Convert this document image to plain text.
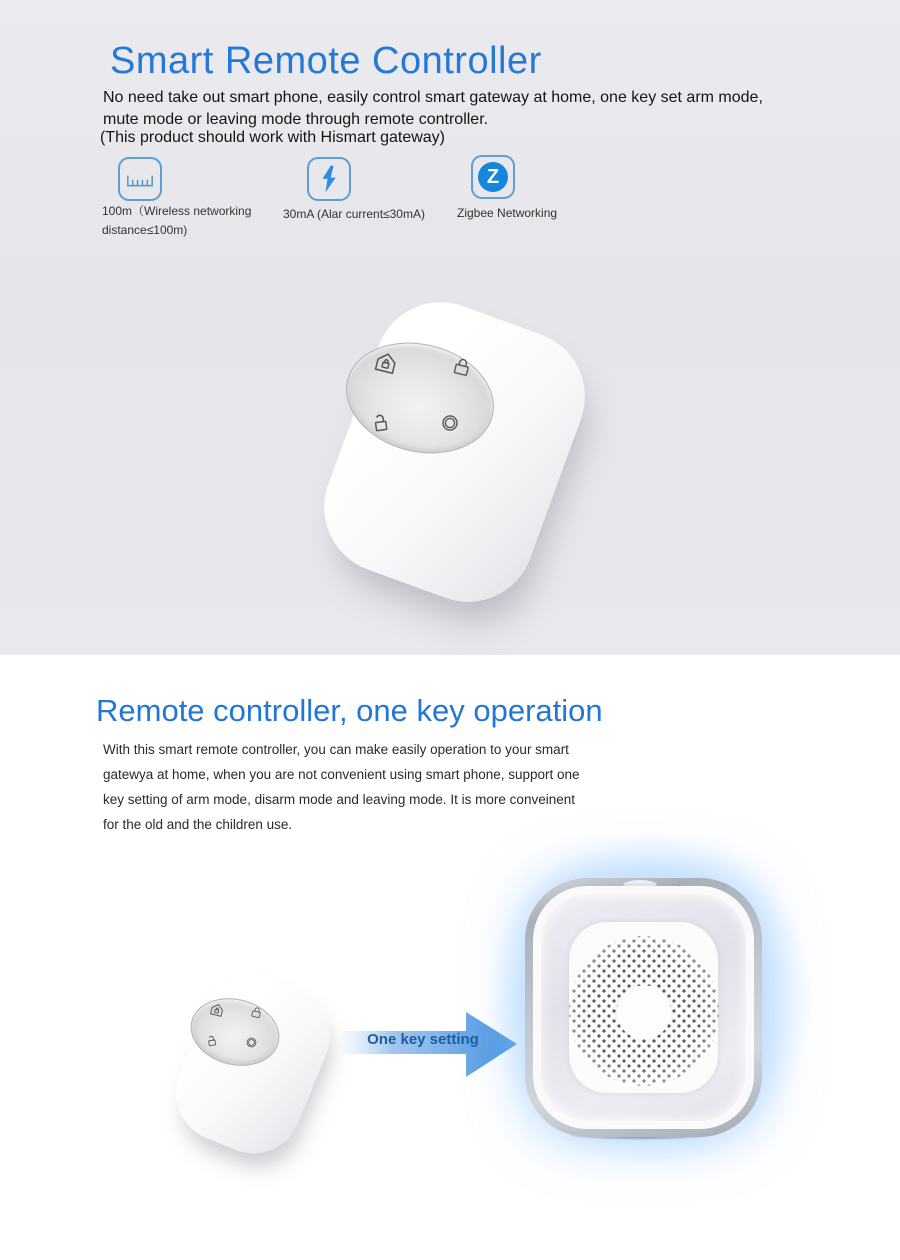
Smart Remote Controller
No need take out smart phone, easily control smart gateway at home, one key set arm mode,
mute mode or leaving mode through remote controller.
(This product should work with Hismart gateway)
100m（Wireless networking
distance≤100m)
30mA (Alar current≤30mA)
Z
Zigbee Networking
Remote controller, one key operation
With this smart remote controller, you can make easily operation to your smart
gatewya at home, when you are not convenient using smart phone, support one
key setting of arm mode, disarm mode and leaving mode. It is more conveinent
for the old and the children use.
One key setting
